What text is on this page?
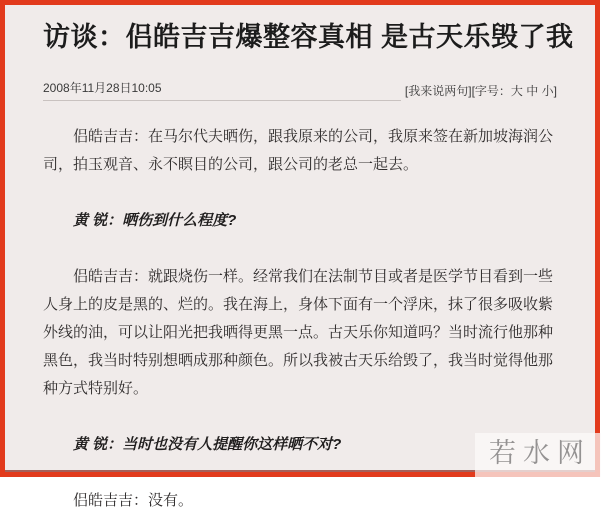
访谈：侣皓吉吉爆整容真相 是古天乐毁了我
2008年11月28日10:05	[我来说两句][字号：大 中 小]

侣皓吉吉：在马尔代夫晒伤，跟我原来的公司，我原来签在新加坡海润公司，拍玉观音、永不瞑目的公司，跟公司的老总一起去。

黄 锐：晒伤到什么程度?

侣皓吉吉：就跟烧伤一样。经常我们在法制节目或者是医学节目看到一些人身上的皮是黑的、烂的。我在海上，身体下面有一个浮床，抹了很多吸收紫外线的油，可以让阳光把我晒得更黑一点。古天乐你知道吗？当时流行他那种黑色，我当时特别想晒成那种颜色。所以我被古天乐给毁了，我当时觉得他那种方式特别好。

黄 锐：当时也没有人提醒你这样晒不对?

侣皓吉吉：没有。

若水网
